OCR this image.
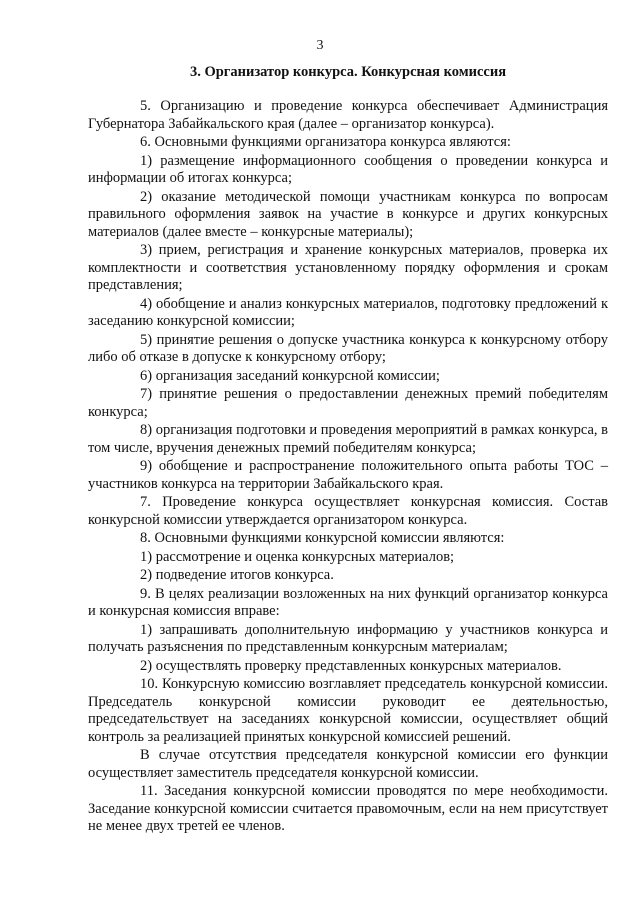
3
3. Организатор конкурса. Конкурсная комиссия

5. Организацию и проведение конкурса обеспечивает Администрация Губернатора Забайкальского края (далее – организатор конкурса).

6. Основными функциями организатора конкурса являются:

1) размещение информационного сообщения о проведении конкурса и информации об итогах конкурса;

2) оказание методической помощи участникам конкурса по вопросам правильного оформления заявок на участие в конкурсе и других конкурсных материалов (далее вместе – конкурсные материалы);

3) прием, регистрация и хранение конкурсных материалов, проверка их комплектности и соответствия установленному порядку оформления и срокам представления;

4) обобщение и анализ конкурсных материалов, подготовку предложений к заседанию конкурсной комиссии;

5) принятие решения о допуске участника конкурса к конкурсному отбору либо об отказе в допуске к конкурсному отбору;

6) организация заседаний конкурсной комиссии;

7) принятие решения о предоставлении денежных премий победителям конкурса;

8) организация подготовки и проведения мероприятий в рамках конкурса, в том числе, вручения денежных премий победителям конкурса;

9) обобщение и распространение положительного опыта работы ТОС – участников конкурса на территории Забайкальского края.

7. Проведение конкурса осуществляет конкурсная комиссия. Состав конкурсной комиссии утверждается организатором конкурса.

8. Основными функциями конкурсной комиссии являются:

1) рассмотрение и оценка конкурсных материалов;

2) подведение итогов конкурса.

9. В целях реализации возложенных на них функций организатор конкурса и конкурсная комиссия вправе:

1) запрашивать дополнительную информацию у участников конкурса и получать разъяснения по представленным конкурсным материалам;

2) осуществлять проверку представленных конкурсных материалов.

10. Конкурсную комиссию возглавляет председатель конкурсной комиссии. Председатель конкурсной комиссии руководит ее деятельностью, председательствует на заседаниях конкурсной комиссии, осуществляет общий контроль за реализацией принятых конкурсной комиссией решений.

В случае отсутствия председателя конкурсной комиссии его функции осуществляет заместитель председателя конкурсной комиссии.

11. Заседания конкурсной комиссии проводятся по мере необходимости. Заседание конкурсной комиссии считается правомочным, если на нем присутствует не менее двух третей ее членов.
